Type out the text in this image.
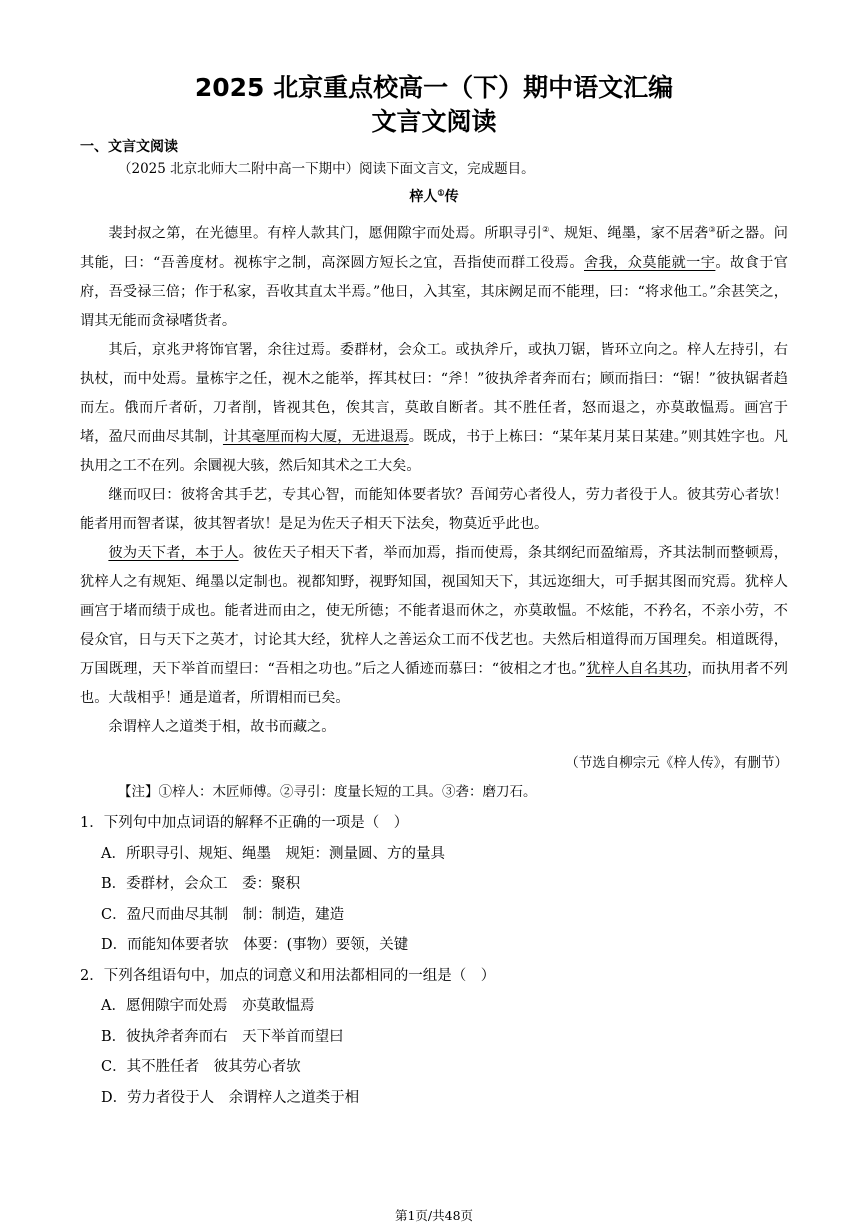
2025 北京重点校高一（下）期中语文汇编
文言文阅读
一、文言文阅读
（2025 北京北师大二附中高一下期中）阅读下面文言文，完成题目。
梓人①传

裴封叔之第，在光德里。有梓人款其门，愿佣隙宇而处焉。所职寻引②、规矩、绳墨，家不居砻③斫之器。问其能，曰：“吾善度材。视栋宇之制，高深圆方短长之宜，吾指使而群工役焉。舍我，众莫能就一宇。故食于官府，吾受禄三倍；作于私家，吾收其直太半焉。”他日，入其室，其床阙足而不能理，曰：“将求他工。”余甚笑之，谓其无能而贪禄嗜货者。

其后，京兆尹将饰官署，余往过焉。委群材，会众工。或执斧斤，或执刀锯，皆环立向之。梓人左持引，右执杖，而中处焉。量栋宇之任，视木之能举，挥其杖曰：“斧！”彼执斧者奔而右；顾而指曰：“锯！”彼执锯者趋而左。俄而斤者斫，刀者削，皆视其色，俟其言，莫敢自断者。其不胜任者，怒而退之，亦莫敢愠焉。画宫于堵，盈尺而曲尽其制，计其毫厘而构大厦，无进退焉。既成，书于上栋曰：“某年某月某日某建。”则其姓字也。凡执用之工不在列。余圜视大骇，然后知其术之工大矣。

继而叹曰：彼将舍其手艺，专其心智，而能知体要者欤？吾闻劳心者役人，劳力者役于人。彼其劳心者欤！能者用而智者谋，彼其智者欤！是足为佐天子相天下法矣，物莫近乎此也。

彼为天下者，本于人。彼佐天子相天下者，举而加焉，指而使焉，条其纲纪而盈缩焉，齐其法制而整顿焉，犹梓人之有规矩、绳墨以定制也。视都知野，视野知国，视国知天下，其远迩细大，可手据其图而究焉。犹梓人画宫于堵而绩于成也。能者进而由之，使无所德；不能者退而休之，亦莫敢愠。不炫能，不矜名，不亲小劳，不侵众官，日与天下之英才，讨论其大经，犹梓人之善运众工而不伐艺也。夫然后相道得而万国理矣。相道既得，万国既理，天下举首而望曰：“吾相之功也。”后之人循迹而慕曰：“彼相之才也。”犹梓人自名其功，而执用者不列也。大哉相乎！通是道者，所谓相而已矣。

余谓梓人之道类于相，故书而藏之。

（节选自柳宗元《梓人传》，有删节）
【注】①梓人：木匠师傅。②寻引：度量长短的工具。③砻：磨刀石。
1．下列句中加点词语的解释不正确的一项是（　）
A．所职寻引、规矩、绳墨　规矩：测量圆、方的量具
B．委群材，会众工　委：聚积
C．盈尺而曲尽其制　制：制造，建造
D．而能知体要者欤　体要：(事物）要领，关键
2．下列各组语句中，加点的词意义和用法都相同的一组是（　）
A．愿佣隙宇而处焉　亦莫敢愠焉
B．彼执斧者奔而右　天下举首而望曰
C．其不胜任者　彼其劳心者欤
D．劳力者役于人　余谓梓人之道类于相
第1页/共48页
